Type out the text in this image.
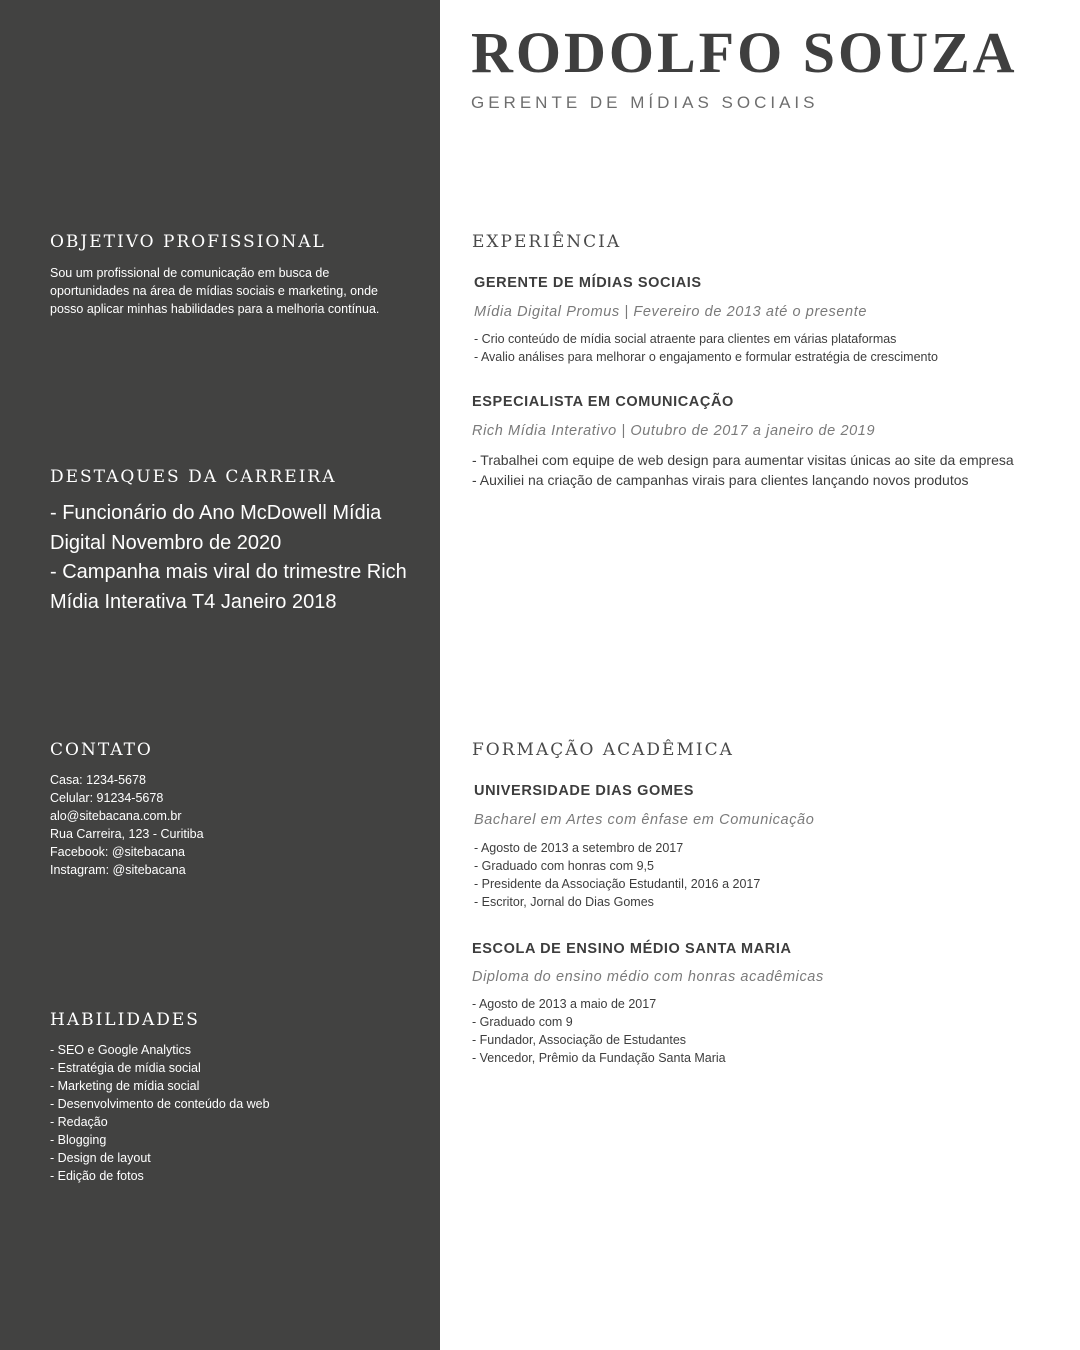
OBJETIVO PROFISSIONAL

Sou um profissional de comunicação em busca de oportunidades na área de mídias sociais e marketing, onde posso aplicar minhas habilidades para a melhoria contínua.

DESTAQUES DA CARREIRA
- Funcionário do Ano McDowell Mídia Digital Novembro de 2020
- Campanha mais viral do trimestre Rich Mídia Interativa T4 Janeiro 2018
CONTATO
Casa: 1234-5678
Celular: 91234-5678
alo@sitebacana.com.br
Rua Carreira, 123 - Curitiba
Facebook: @sitebacana
Instagram: @sitebacana
HABILIDADES
- SEO e Google Analytics
- Estratégia de mídia social
- Marketing de mídia social
- Desenvolvimento de conteúdo da web
- Redação
- Blogging
- Design de layout
- Edição de fotos
RODOLFO SOUZA

GERENTE DE MÍDIAS SOCIAIS

EXPERIÊNCIA

GERENTE DE MÍDIAS SOCIAIS

Mídia Digital Promus | Fevereiro de 2013 até o presente

- Crio conteúdo de mídia social atraente para clientes em várias plataformas
- Avalio análises para melhorar o engajamento e formular estratégia de crescimento

ESPECIALISTA EM COMUNICAÇÃO

Rich Mídia Interativo | Outubro de 2017 a janeiro de 2019

- Trabalhei com equipe de web design para aumentar visitas únicas ao site da empresa
- Auxiliei na criação de campanhas virais para clientes lançando novos produtos
FORMAÇÃO ACADÊMICA

UNIVERSIDADE DIAS GOMES

Bacharel em Artes com ênfase em Comunicação

- Agosto de 2013 a setembro de 2017
- Graduado com honras com 9,5
- Presidente da Associação Estudantil, 2016 a 2017
- Escritor, Jornal do Dias Gomes

ESCOLA DE ENSINO MÉDIO SANTA MARIA

Diploma do ensino médio com honras acadêmicas

- Agosto de 2013 a maio de 2017
- Graduado com 9
- Fundador, Associação de Estudantes
- Vencedor, Prêmio da Fundação Santa Maria
